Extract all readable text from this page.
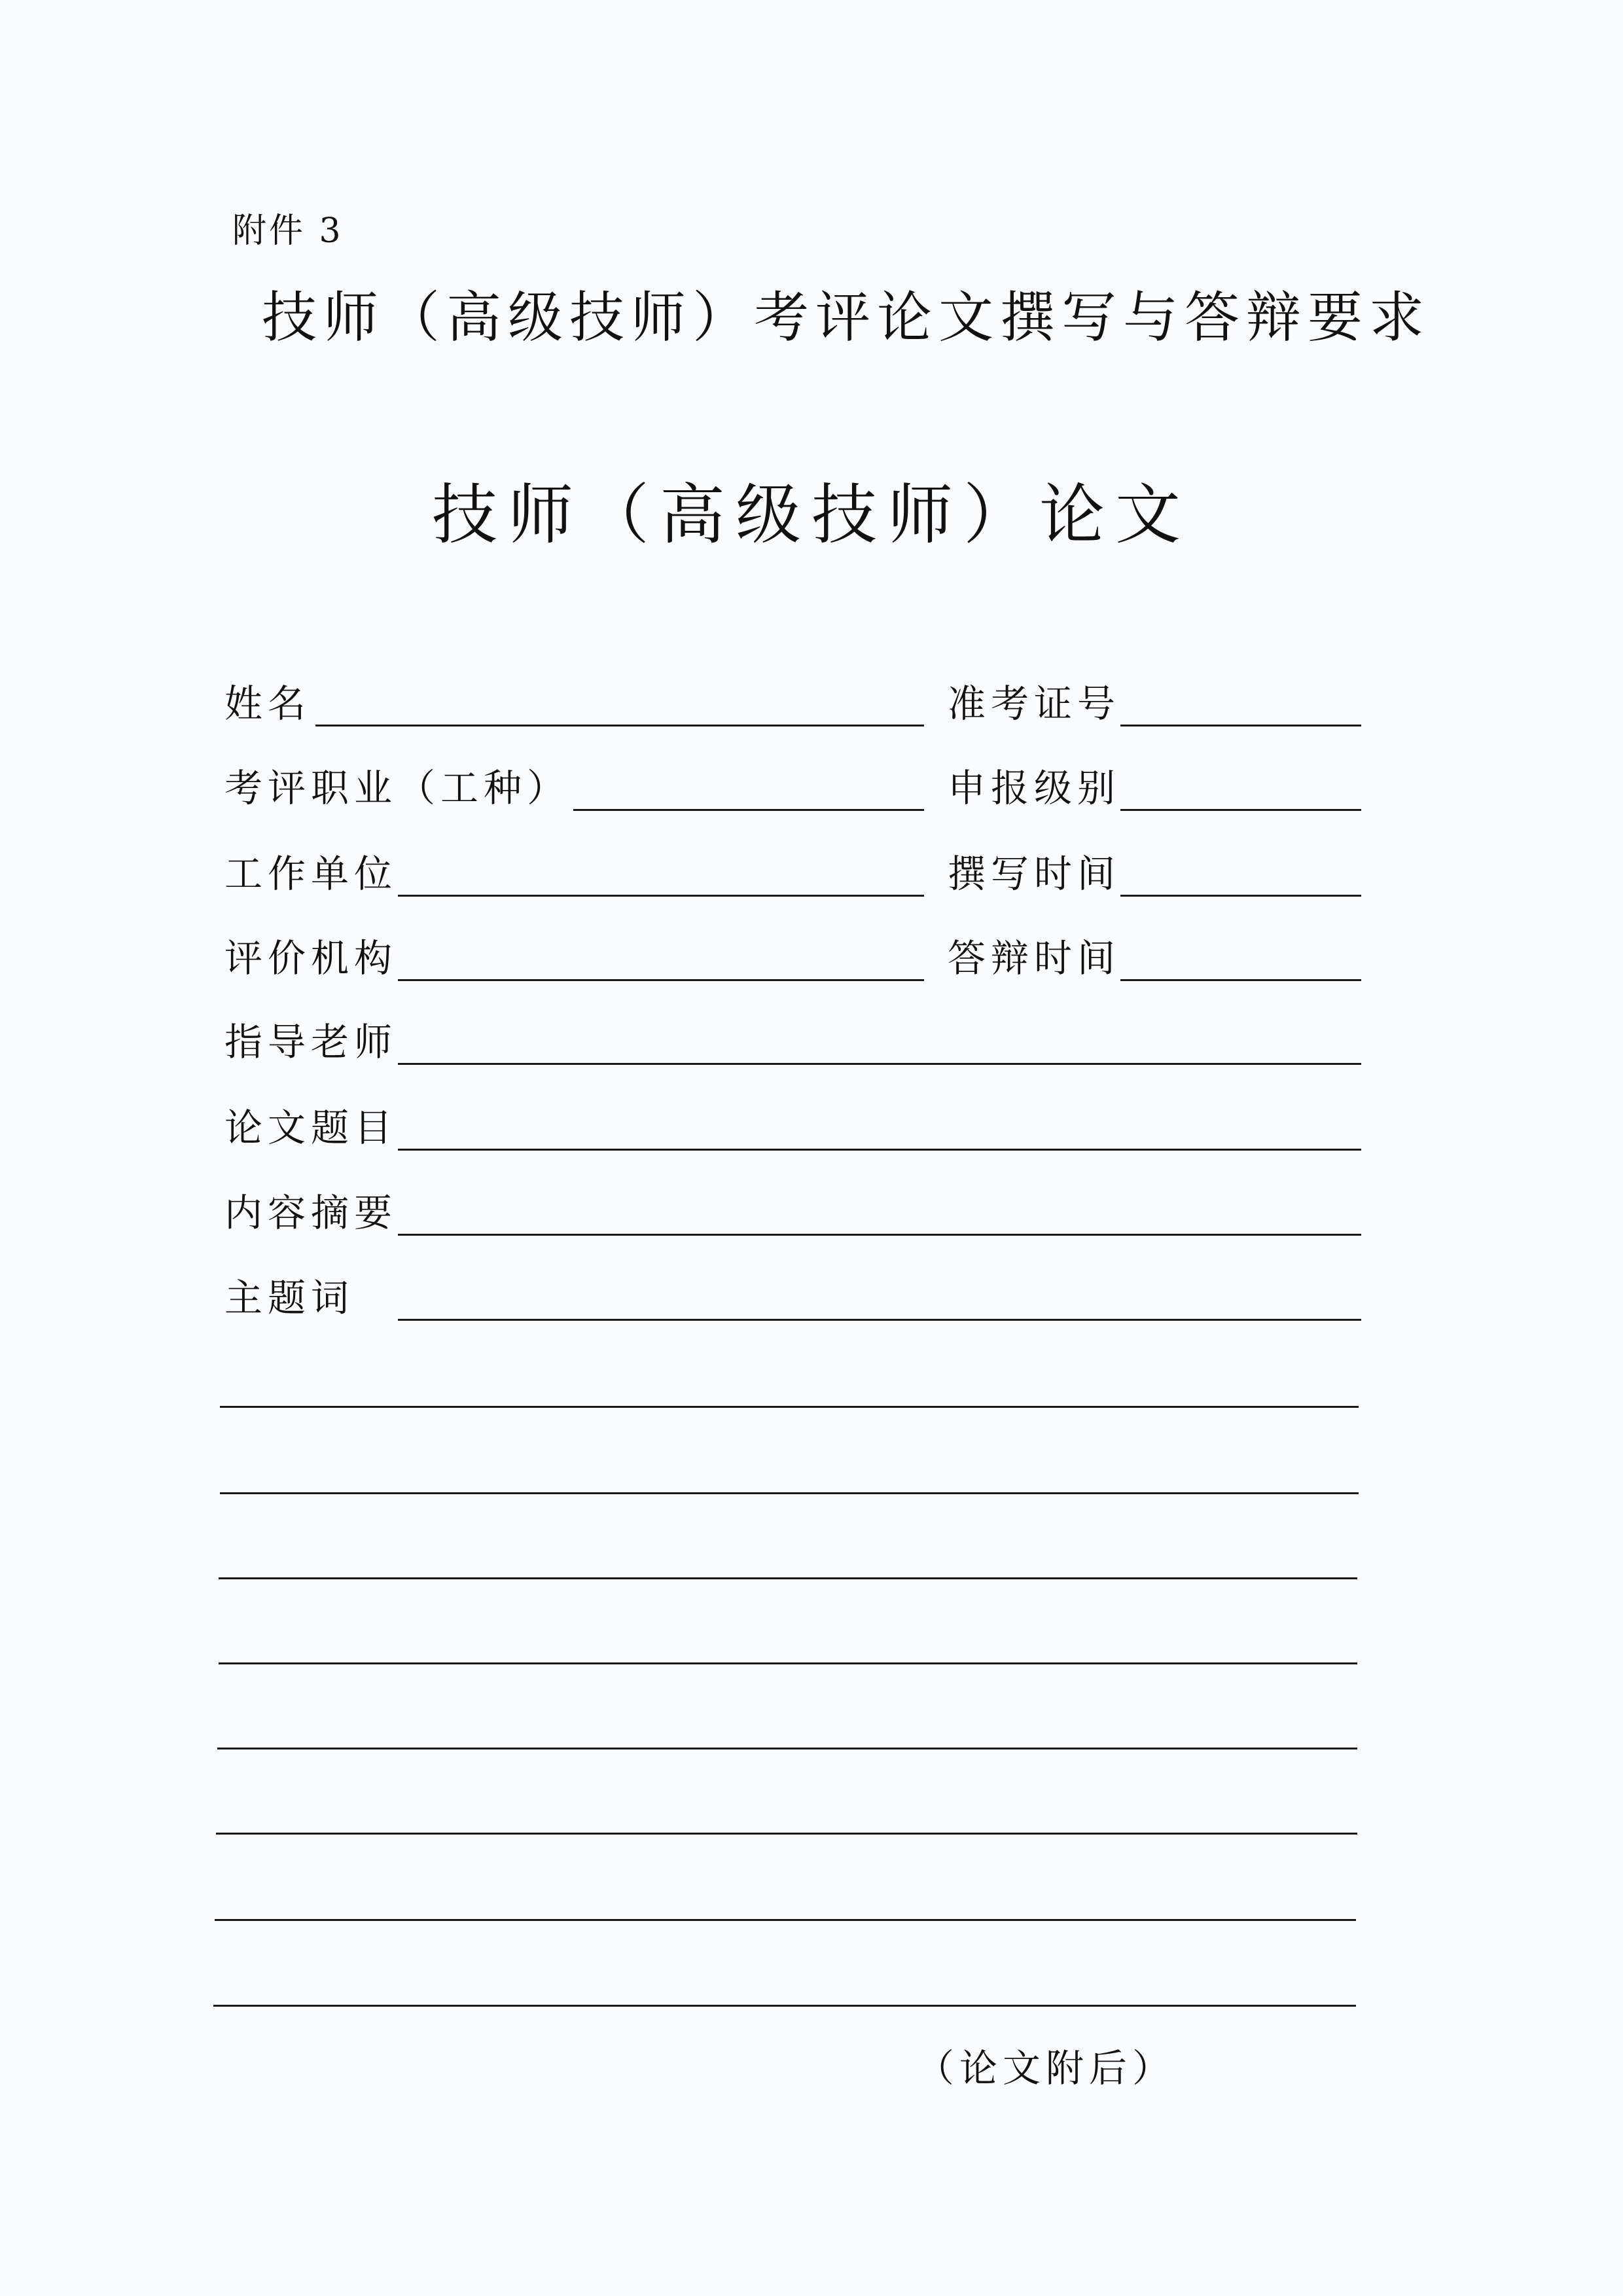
附件 3
技师（高级技师）考评论文撰写与答辩要求
技师（高级技师）论文
姓名	准考证号
考评职业（工种）	申报级别
工作单位	撰写时间
评价机构	答辩时间
指导老师
论文题目
内容摘要
主题词
（论文附后）
